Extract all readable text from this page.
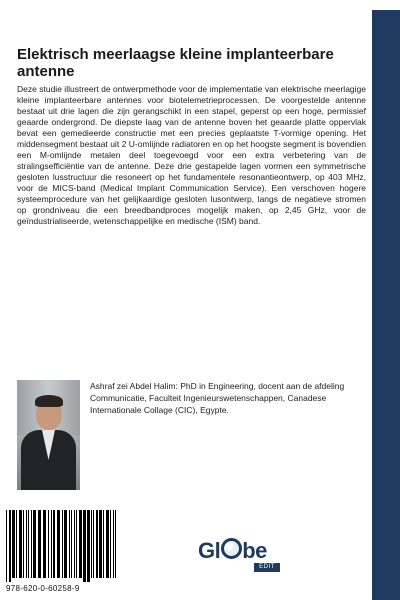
Elektrisch meerlaagse kleine implanteerbare antenne
Deze studie illustreert de ontwerpmethode voor de implementatie van elektrische meerlagige kleine implanteerbare antennes voor biotelemetrieprocessen. De voorgestelde antenne bestaat uit drie lagen die zijn gerangschikt in een stapel, geperst op een hoge, permissief geaarde ondergrond. De diepste laag van de antenne boven het geaarde platte oppervlak bevat een gemedieerde constructie met een precies geplaatste T-vormige opening. Het middensegment bestaat uit 2 U-omlijnde radiatoren en op het hoogste segment is bovendien een M-omlijnde metalen deel toegevoegd voor een extra verbetering van de stralingsefficiëntie van de antenne. Deze drie gestapelde lagen vormen een symmetrische gesloten lusstructuur die resoneert op het fundamentele resonantieontwerp, op 403 MHz, voor de MICS-band (Medical Implant Communication Service). Een verschoven hogere systeemprocedure van het gelijkaardige gesloten lusontwerp, langs de negatieve stromen op grondniveau die een breedbandproces mogelijk maken, op 2,45 GHz, voor de geïndustrialiseerde, wetenschappelijke en medische (ISM) band.
Ashraf zei Abdel Halim: PhD in Engineering, docent aan de afdeling Communicatie, Faculteit Ingenieurswetenschappen, Canadese Internationale Collage (CIC), Egypte.
978-620-0-60258-9
Gl be
EDIT
